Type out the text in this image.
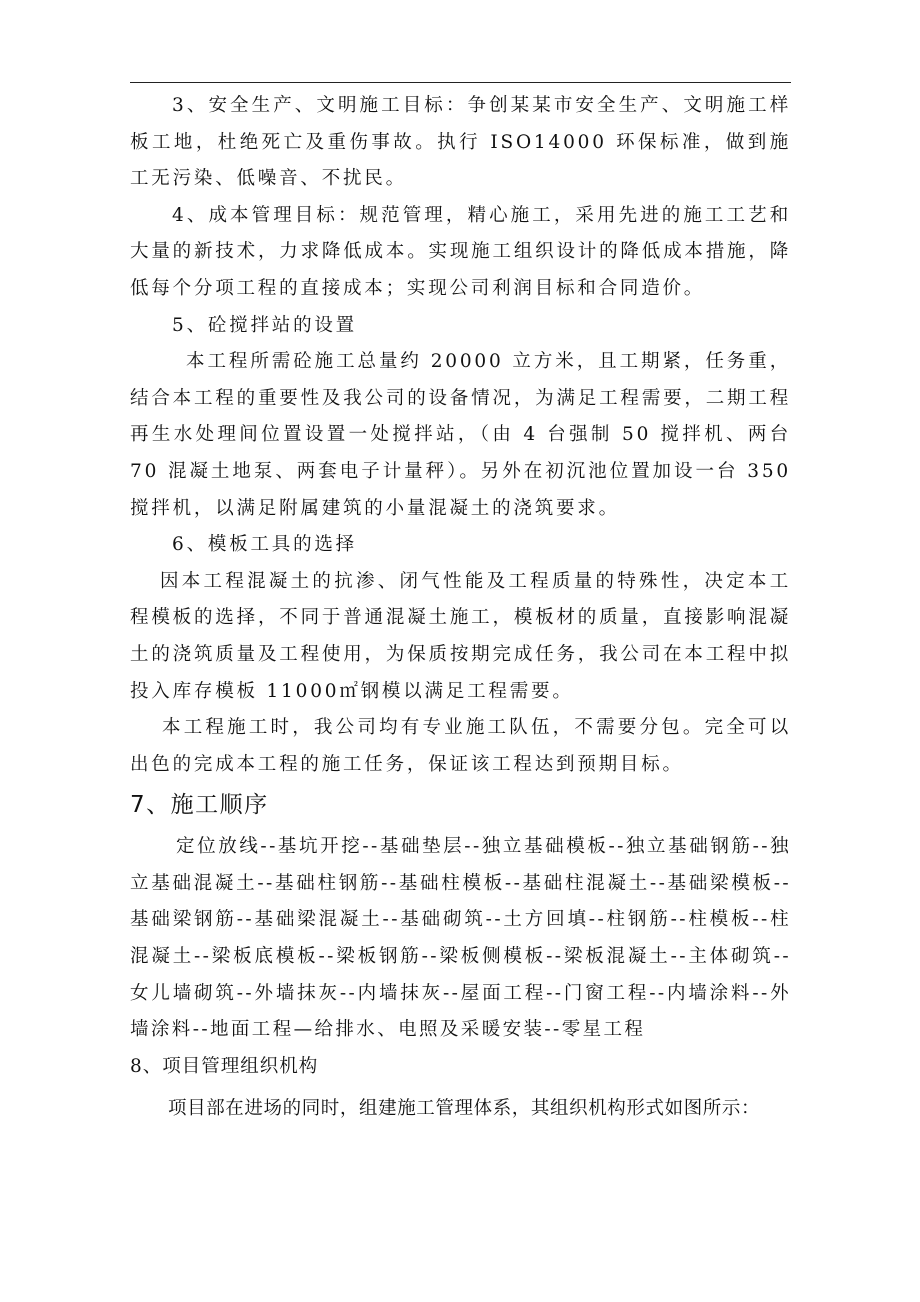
3、安全生产、文明施工目标：争创某某市安全生产、文明施工样板工地，杜绝死亡及重伤事故。执行 ISO14000 环保标准，做到施工无污染、低噪音、不扰民。

4、成本管理目标：规范管理，精心施工，采用先进的施工工艺和大量的新技术，力求降低成本。实现施工组织设计的降低成本措施，降低每个分项工程的直接成本；实现公司利润目标和合同造价。

5、砼搅拌站的设置

本工程所需砼施工总量约 20000 立方米，且工期紧，任务重，结合本工程的重要性及我公司的设备情况，为满足工程需要，二期工程再生水处理间位置设置一处搅拌站，（由 4 台强制 50 搅拌机、两台 70 混凝土地泵、两套电子计量秤）。另外在初沉池位置加设一台 350 搅拌机，以满足附属建筑的小量混凝土的浇筑要求。

6、模板工具的选择

因本工程混凝土的抗渗、闭气性能及工程质量的特殊性，决定本工程模板的选择，不同于普通混凝土施工，模板材的质量，直接影响混凝土的浇筑质量及工程使用，为保质按期完成任务，我公司在本工程中拟投入库存模板 11000㎡钢模以满足工程需要。

本工程施工时，我公司均有专业施工队伍，不需要分包。完全可以出色的完成本工程的施工任务，保证该工程达到预期目标。

7、施工顺序

定位放线--基坑开挖--基础垫层--独立基础模板--独立基础钢筋--独立基础混凝土--基础柱钢筋--基础柱模板--基础柱混凝土--基础梁模板--基础梁钢筋--基础梁混凝土--基础砌筑--土方回填--柱钢筋--柱模板--柱混凝土--梁板底模板--梁板钢筋--梁板侧模板--梁板混凝土--主体砌筑--女儿墙砌筑--外墙抹灰--内墙抹灰--屋面工程--门窗工程--内墙涂料--外墙涂料--地面工程—给排水、电照及采暖安装--零星工程

8、项目管理组织机构

项目部在进场的同时，组建施工管理体系，其组织机构形式如图所示：
